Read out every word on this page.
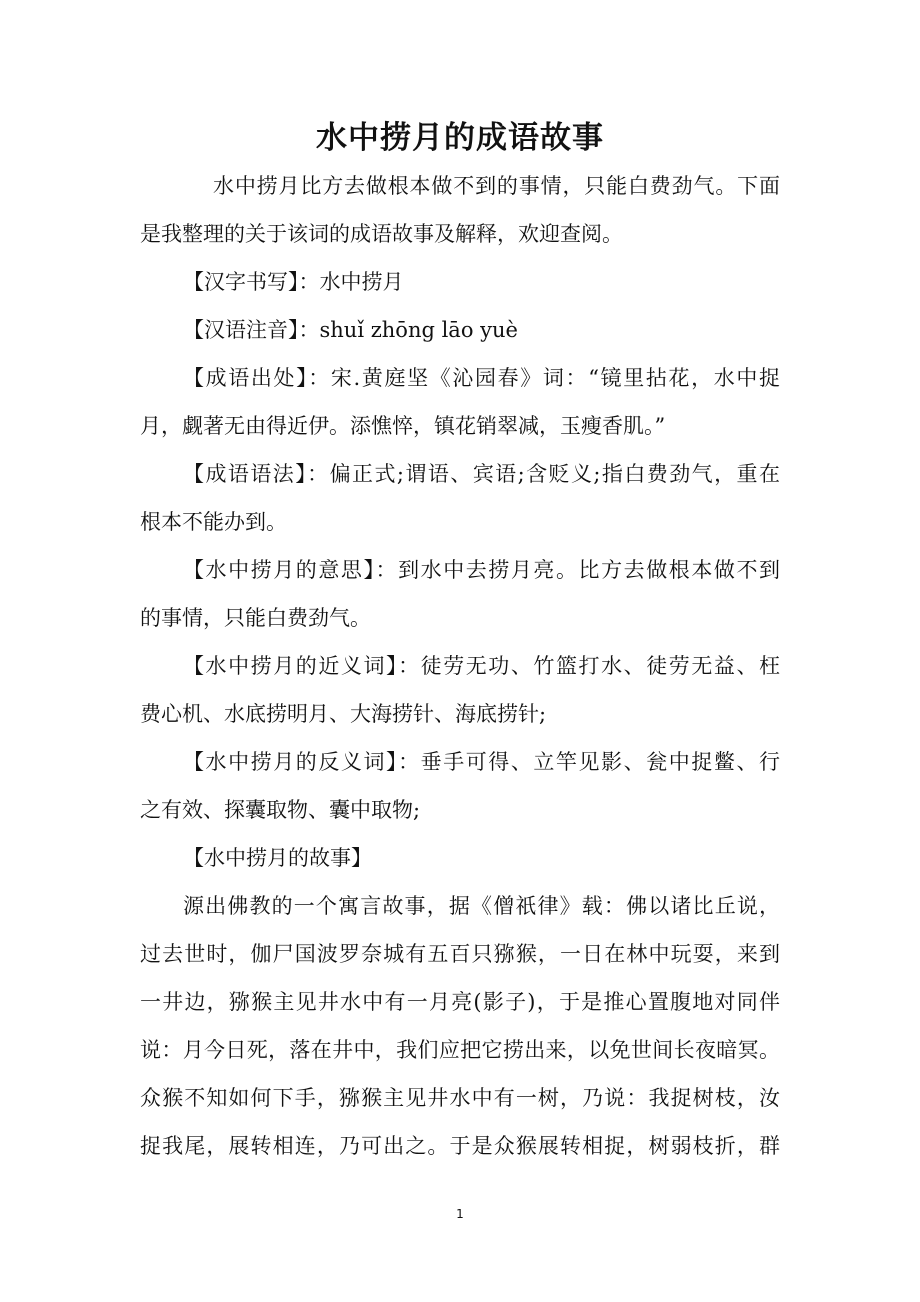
水中捞月的成语故事
水中捞月比方去做根本做不到的事情，只能白费劲气。下面
是我整理的关于该词的成语故事及解释，欢迎查阅。
【汉字书写】：水中捞月
【汉语注音】：shuǐ zhōng lāo yuè
【成语出处】：宋.黄庭坚《沁园春》词：“镜里拈花，水中捉
月，觑著无由得近伊。添憔悴，镇花销翠减，玉瘦香肌。”
【成语语法】：偏正式;谓语、宾语;含贬义;指白费劲气，重在
根本不能办到。
【水中捞月的意思】：到水中去捞月亮。比方去做根本做不到
的事情，只能白费劲气。
【水中捞月的近义词】：徒劳无功、竹篮打水、徒劳无益、枉
费心机、水底捞明月、大海捞针、海底捞针;
【水中捞月的反义词】：垂手可得、立竿见影、瓮中捉鳖、行
之有效、探囊取物、囊中取物;
【水中捞月的故事】
源出佛教的一个寓言故事，据《僧祇律》载：佛以诸比丘说，
过去世时，伽尸国波罗奈城有五百只猕猴，一日在林中玩耍，来到
一井边，猕猴主见井水中有一月亮(影子)，于是推心置腹地对同伴
说：月今日死，落在井中，我们应把它捞出来，以免世间长夜暗冥。
众猴不知如何下手，猕猴主见井水中有一树，乃说：我捉树枝，汝
捉我尾，展转相连，乃可出之。于是众猴展转相捉，树弱枝折，群
1
